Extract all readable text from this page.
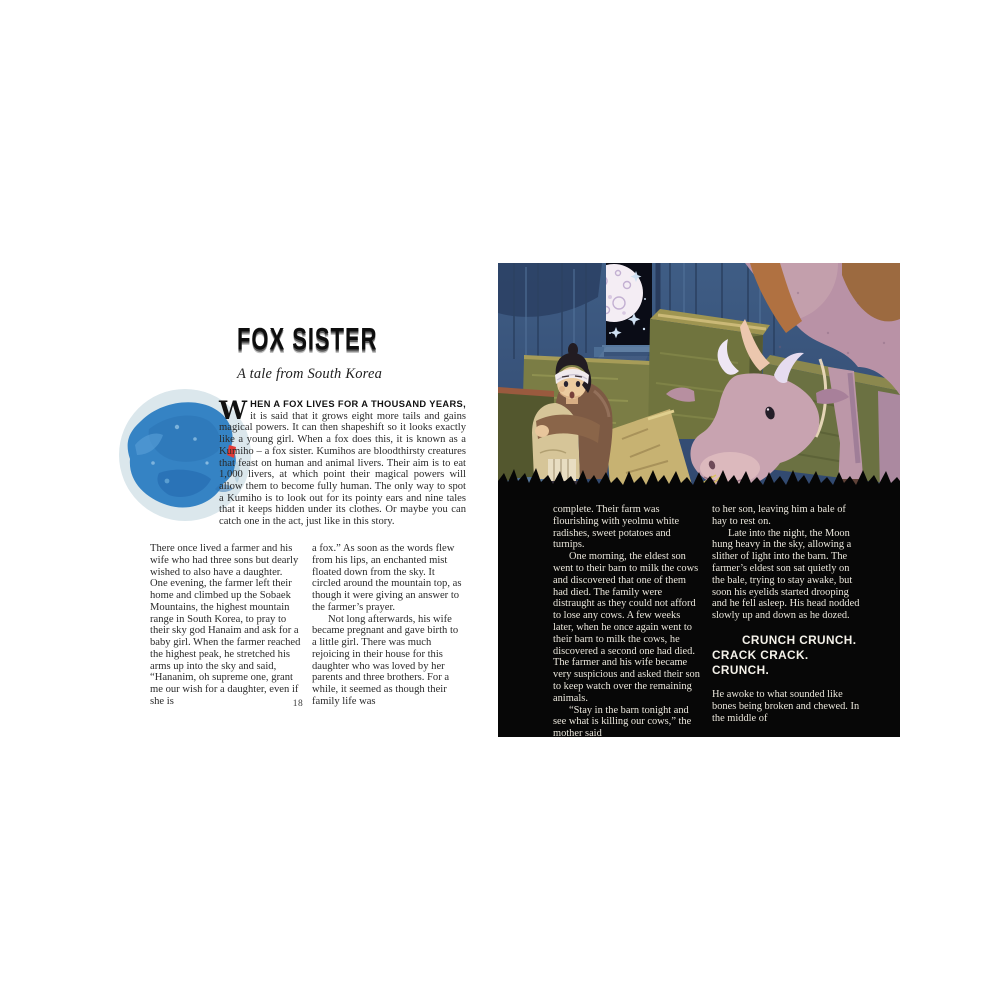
FOX SISTER
A tale from South Korea
W HEN A FOX LIVES FOR A THOUSAND YEARS, it is said that it grows eight more tails and gains magical powers. It can then shapeshift so it looks exactly like a young girl. When a fox does this, it is known as a Kumiho – a fox sister. Kumihos are bloodthirsty creatures that feast on human and animal livers. Their aim is to eat 1,000 livers, at which point their magical powers will allow them to become fully human. The only way to spot a Kumiho is to look out for its pointy ears and nine tales that it keeps hidden under its clothes. Or maybe you can catch one in the act, just like in this story.

There once lived a farmer and his wife who had three sons but dearly wished to also have a daughter. One evening, the farmer left their home and climbed up the Sobaek Mountains, the highest mountain range in South Korea, to pray to their sky god Hanaim and ask for a baby girl. When the farmer reached the highest peak, he stretched his arms up into the sky and said, “Hananim, oh supreme one, grant me our wish for a daughter, even if she is

a fox.” As soon as the words flew from his lips, an enchanted mist floated down from the sky. It circled around the mountain top, as though it were giving an answer to the farmer’s prayer.

Not long afterwards, his wife became pregnant and gave birth to a little girl. There was much rejoicing in their house for this daughter who was loved by her parents and three brothers. For a while, it seemed as though their family life was

18

complete. Their farm was flourishing with yeolmu white radishes, sweet potatoes and turnips.

One morning, the eldest son went to their barn to milk the cows and discovered that one of them had died. The family were distraught as they could not afford to lose any cows. A few weeks later, when he once again went to their barn to milk the cows, he discovered a second one had died. The farmer and his wife became very suspicious and asked their son to keep watch over the remaining animals.

“Stay in the barn tonight and see what is killing our cows,” the mother said

to her son, leaving him a bale of hay to rest on.

Late into the night, the Moon hung heavy in the sky, allowing a slither of light into the barn. The farmer’s eldest son sat quietly on the bale, trying to stay awake, but soon his eyelids started drooping and he fell asleep. His head nodded slowly up and down as he dozed.

CRUNCH CRUNCH. CRACK CRACK. CRUNCH.

He awoke to what sounded like bones being broken and chewed. In the middle of
